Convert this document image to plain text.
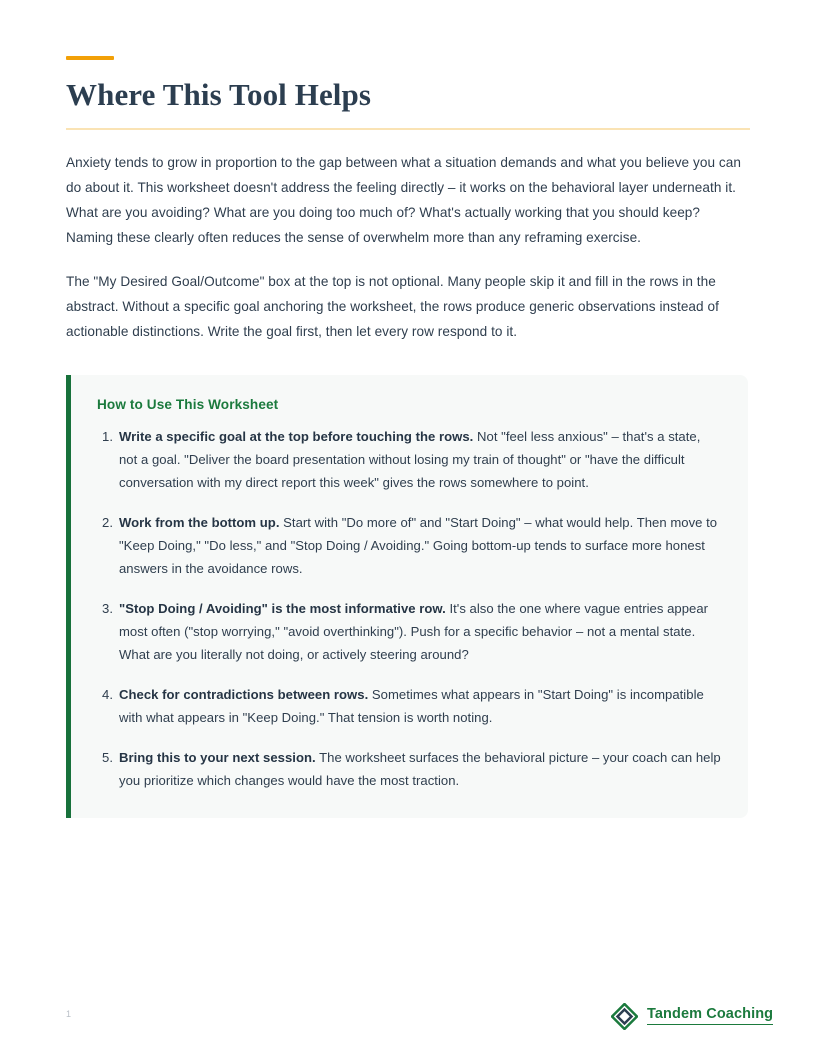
Where This Tool Helps

Anxiety tends to grow in proportion to the gap between what a situation demands and what you believe you can do about it. This worksheet doesn't address the feeling directly – it works on the behavioral layer underneath it. What are you avoiding? What are you doing too much of? What's actually working that you should keep? Naming these clearly often reduces the sense of overwhelm more than any reframing exercise.

The "My Desired Goal/Outcome" box at the top is not optional. Many people skip it and fill in the rows in the abstract. Without a specific goal anchoring the worksheet, the rows produce generic observations instead of actionable distinctions. Write the goal first, then let every row respond to it.

How to Use This Worksheet
Write a specific goal at the top before touching the rows. Not "feel less anxious" – that's a state, not a goal. "Deliver the board presentation without losing my train of thought" or "have the difficult conversation with my direct report this week" gives the rows somewhere to point.
Work from the bottom up. Start with "Do more of" and "Start Doing" – what would help. Then move to "Keep Doing," "Do less," and "Stop Doing / Avoiding." Going bottom-up tends to surface more honest answers in the avoidance rows.
"Stop Doing / Avoiding" is the most informative row. It's also the one where vague entries appear most often ("stop worrying," "avoid overthinking"). Push for a specific behavior – not a mental state. What are you literally not doing, or actively steering around?
Check for contradictions between rows. Sometimes what appears in "Start Doing" is incompatible with what appears in "Keep Doing." That tension is worth noting.
Bring this to your next session. The worksheet surfaces the behavioral picture – your coach can help you prioritize which changes would have the most traction.
1	Tandem Coaching
